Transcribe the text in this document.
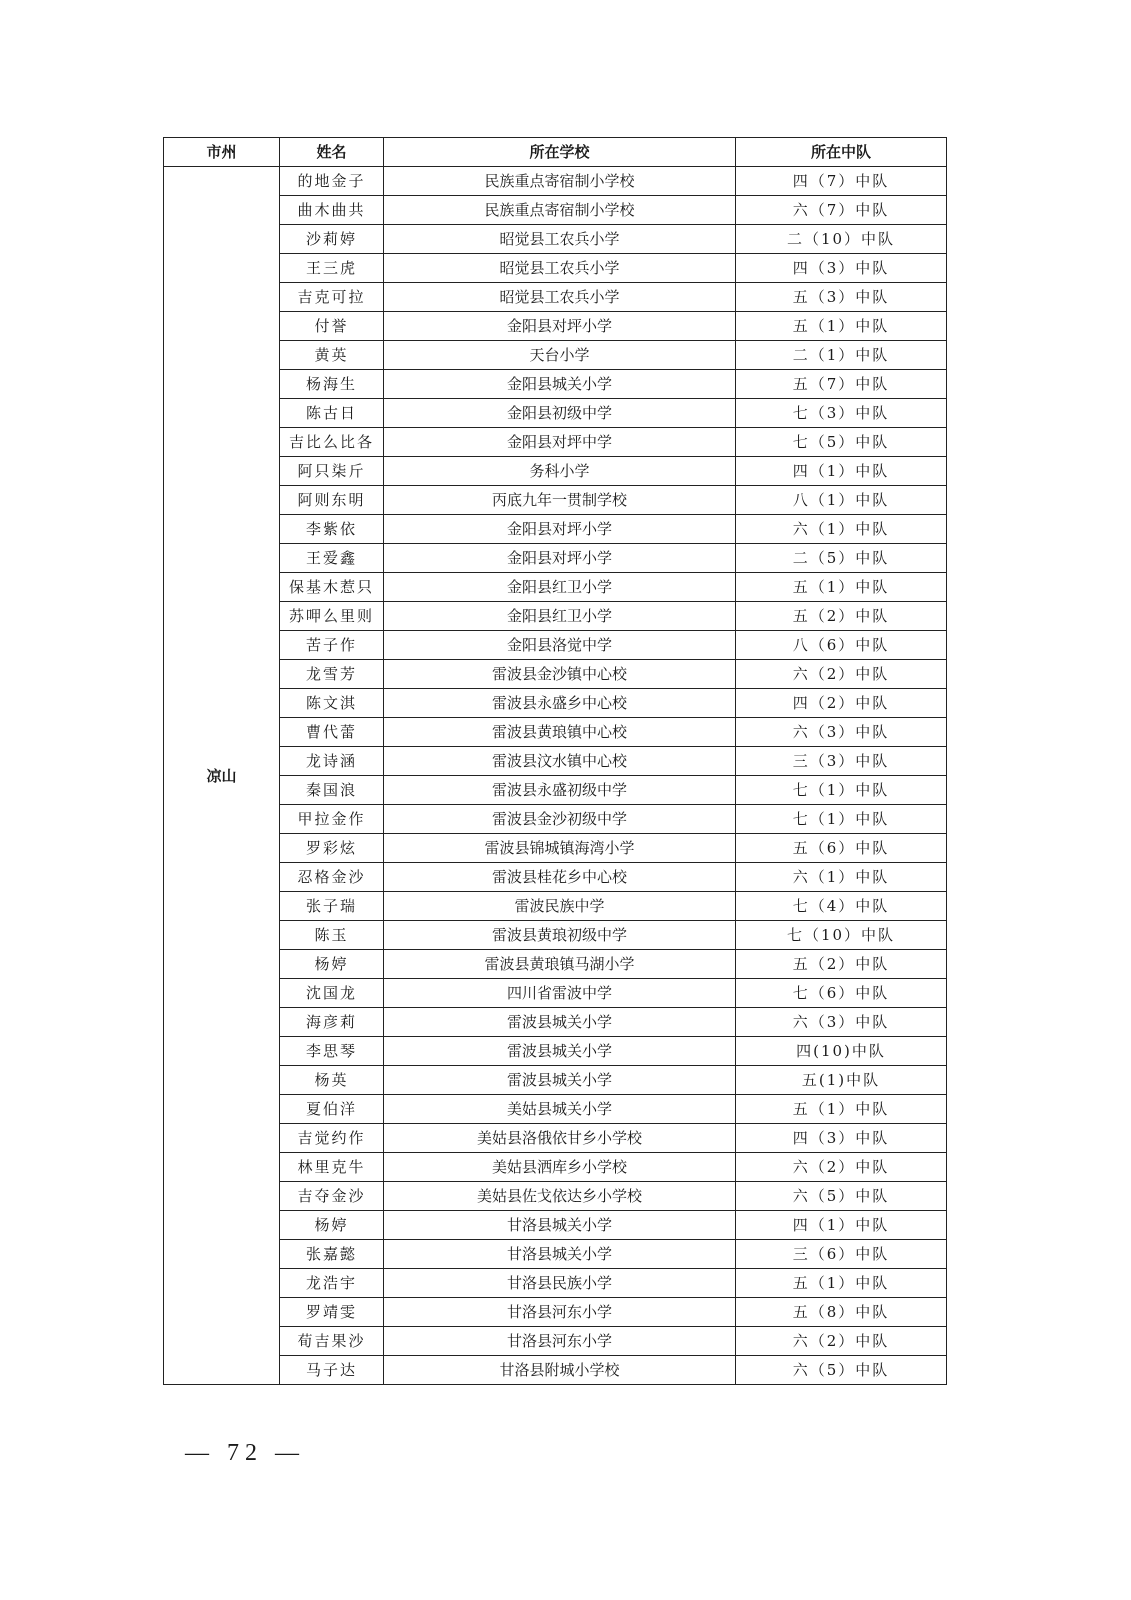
市州	姓名	所在学校	所在中队
凉山	的地金子	民族重点寄宿制小学校	四（7）中队
	曲木曲共	民族重点寄宿制小学校	六（7）中队
	沙莉婷	昭觉县工农兵小学	二（10）中队
	王三虎	昭觉县工农兵小学	四（3）中队
	吉克可拉	昭觉县工农兵小学	五（3）中队
	付誉	金阳县对坪小学	五（1）中队
	黄英	天台小学	二（1）中队
	杨海生	金阳县城关小学	五（7）中队
	陈古日	金阳县初级中学	七（3）中队
	吉比么比各	金阳县对坪中学	七（5）中队
	阿只柒斤	务科小学	四（1）中队
	阿则东明	丙底九年一贯制学校	八（1）中队
	李紫依	金阳县对坪小学	六（1）中队
	王爱鑫	金阳县对坪小学	二（5）中队
	保基木惹只	金阳县红卫小学	五（1）中队
	苏呷么里则	金阳县红卫小学	五（2）中队
	苦子作	金阳县洛觉中学	八（6）中队
	龙雪芳	雷波县金沙镇中心校	六（2）中队
	陈文淇	雷波县永盛乡中心校	四（2）中队
	曹代蕾	雷波县黄琅镇中心校	六（3）中队
	龙诗涵	雷波县汶水镇中心校	三（3）中队
	秦国浪	雷波县永盛初级中学	七（1）中队
	甲拉金作	雷波县金沙初级中学	七（1）中队
	罗彩炫	雷波县锦城镇海湾小学	五（6）中队
	忍格金沙	雷波县桂花乡中心校	六（1）中队
	张子瑞	雷波民族中学	七（4）中队
	陈玉	雷波县黄琅初级中学	七（10）中队
	杨婷	雷波县黄琅镇马湖小学	五（2）中队
	沈国龙	四川省雷波中学	七（6）中队
	海彦莉	雷波县城关小学	六（3）中队
	李思琴	雷波县城关小学	四(10)中队
	杨英	雷波县城关小学	五(1)中队
	夏伯洋	美姑县城关小学	五（1）中队
	吉觉约作	美姑县洛俄依甘乡小学校	四（3）中队
	林里克牛	美姑县洒库乡小学校	六（2）中队
	吉夺金沙	美姑县佐戈依达乡小学校	六（5）中队
	杨婷	甘洛县城关小学	四（1）中队
	张嘉懿	甘洛县城关小学	三（6）中队
	龙浩宇	甘洛县民族小学	五（1）中队
	罗靖雯	甘洛县河东小学	五（8）中队
	荀吉果沙	甘洛县河东小学	六（2）中队
	马子达	甘洛县附城小学校	六（5）中队
— 72 —
